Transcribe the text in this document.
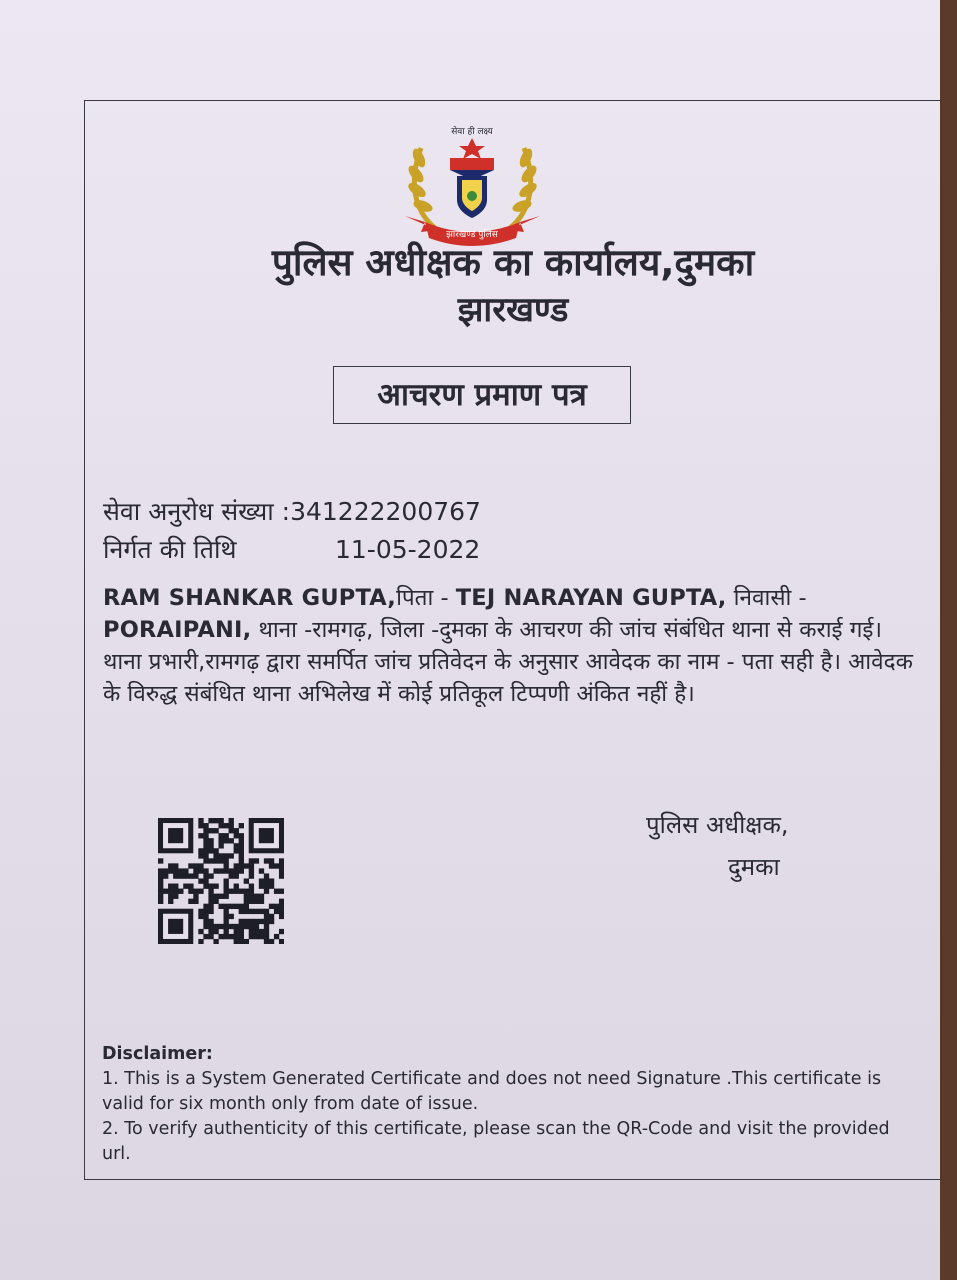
सेवा ही लक्ष्य
झारखण्ड पुलिस
पुलिस अधीक्षक का कार्यालय,दुमका
झारखण्ड
आचरण प्रमाण पत्र
सेवा अनुरोध संख्या :341222200767
निर्गत की तिथि	11-05-2022

RAM SHANKAR GUPTA,पिता - TEJ NARAYAN GUPTA, निवासी - PORAIPANI, थाना -रामगढ़, जिला -दुमका के आचरण की जांच संबंधित थाना से कराई गई। थाना प्रभारी,रामगढ़ द्वारा समर्पित जांच प्रतिवेदन के अनुसार आवेदक का नाम - पता सही है। आवेदक के विरुद्ध संबंधित थाना अभिलेख में कोई प्रतिकूल टिप्पणी अंकित नहीं है।

पुलिस अधीक्षक,
दुमका

Disclaimer:

1. This is a System Generated Certificate and does not need Signature .This certificate is valid for six month only from date of issue.

2. To verify authenticity of this certificate, please scan the QR-Code and visit the provided url.
